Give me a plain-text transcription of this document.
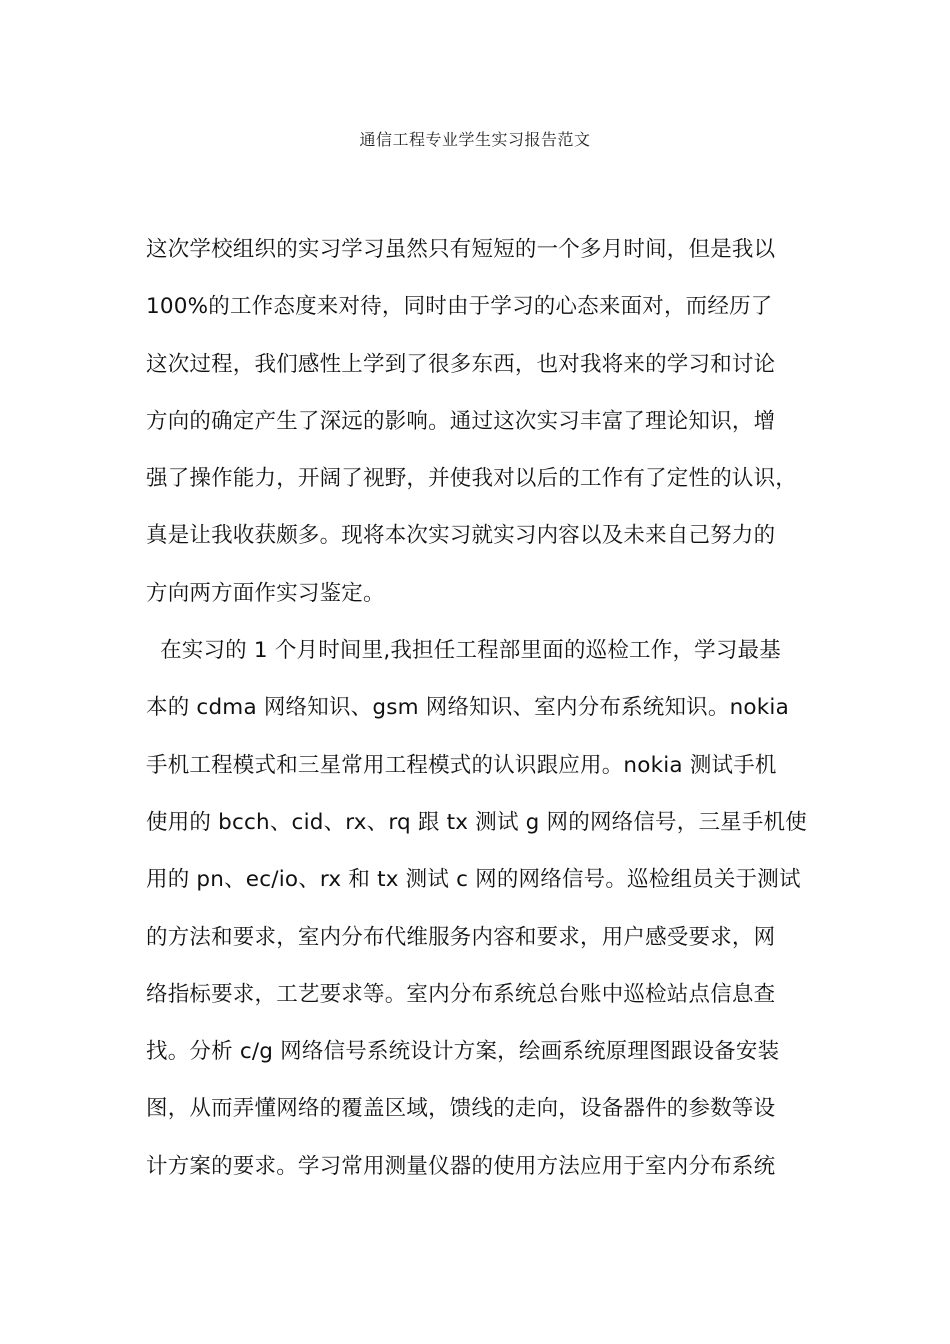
通信工程专业学生实习报告范文
这次学校组织的实习学习虽然只有短短的一个多月时间，但是我以
100%的工作态度来对待，同时由于学习的心态来面对，而经历了
这次过程，我们感性上学到了很多东西，也对我将来的学习和讨论
方向的确定产生了深远的影响。通过这次实习丰富了理论知识，增
强了操作能力，开阔了视野，并使我对以后的工作有了定性的认识，
真是让我收获颇多。现将本次实习就实习内容以及未来自己努力的
方向两方面作实习鉴定。
在实习的 1 个月时间里,我担任工程部里面的巡检工作，学习最基
本的 cdma 网络知识、gsm 网络知识、室内分布系统知识。nokia
手机工程模式和三星常用工程模式的认识跟应用。nokia 测试手机
使用的 bcch、cid、rx、rq 跟 tx 测试 g 网的网络信号，三星手机使
用的 pn、ec/io、rx 和 tx 测试 c 网的网络信号。巡检组员关于测试
的方法和要求，室内分布代维服务内容和要求，用户感受要求，网
络指标要求，工艺要求等。室内分布系统总台账中巡检站点信息查
找。分析 c/g 网络信号系统设计方案，绘画系统原理图跟设备安装
图，从而弄懂网络的覆盖区域，馈线的走向，设备器件的参数等设
计方案的要求。学习常用测量仪器的使用方法应用于室内分布系统
